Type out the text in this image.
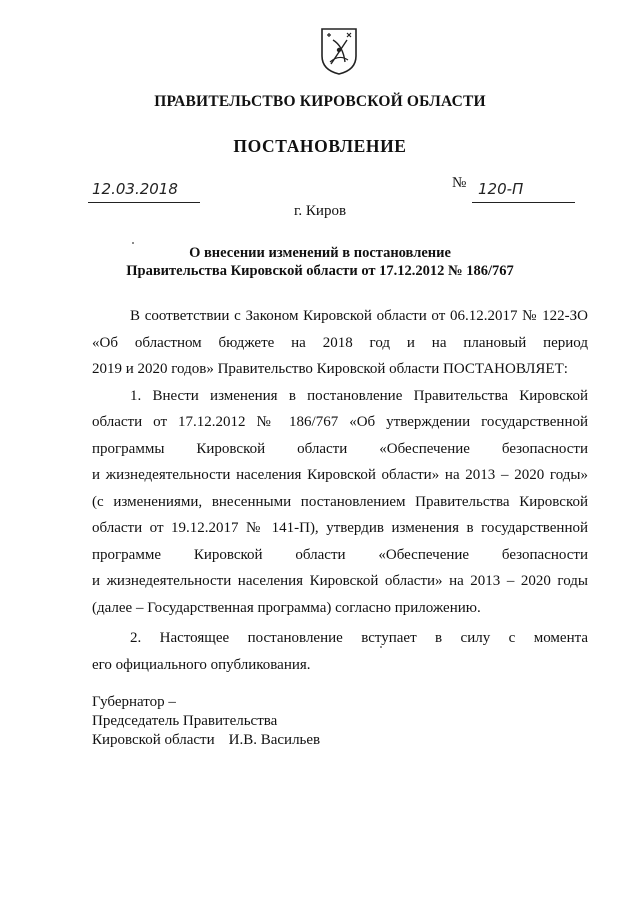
ПРАВИТЕЛЬСТВО КИРОВСКОЙ ОБЛАСТИ
ПОСТАНОВЛЕНИЕ
12.03.2018	№ 120-П
г. Киров
О внесении изменений в постановление
Правительства Кировской области от 17.12.2012 № 186/767

В соответствии с Законом Кировской области от 06.12.2017 № 122-ЗО
«Об областном бюджете на 2018 год и на плановый период
2019 и 2020 годов» Правительство Кировской области ПОСТАНОВЛЯЕТ:

1. Внести изменения в постановление Правительства Кировской
области от 17.12.2012 № 186/767 «Об утверждении государственной
программы Кировской области «Обеспечение безопасности
и жизнедеятельности населения Кировской области» на 2013 – 2020 годы»
(с изменениями, внесенными постановлением Правительства Кировской
области от 19.12.2017 № 141-П), утвердив изменения в государственной
программе Кировской области «Обеспечение безопасности
и жизнедеятельности населения Кировской области» на 2013 – 2020 годы
(далее – Государственная программа) согласно приложению.

2. Настоящее постановление вступает в силу с момента
его официального опубликования.

Губернатор –
Председатель Правительства
Кировской области И.В. Васильев
